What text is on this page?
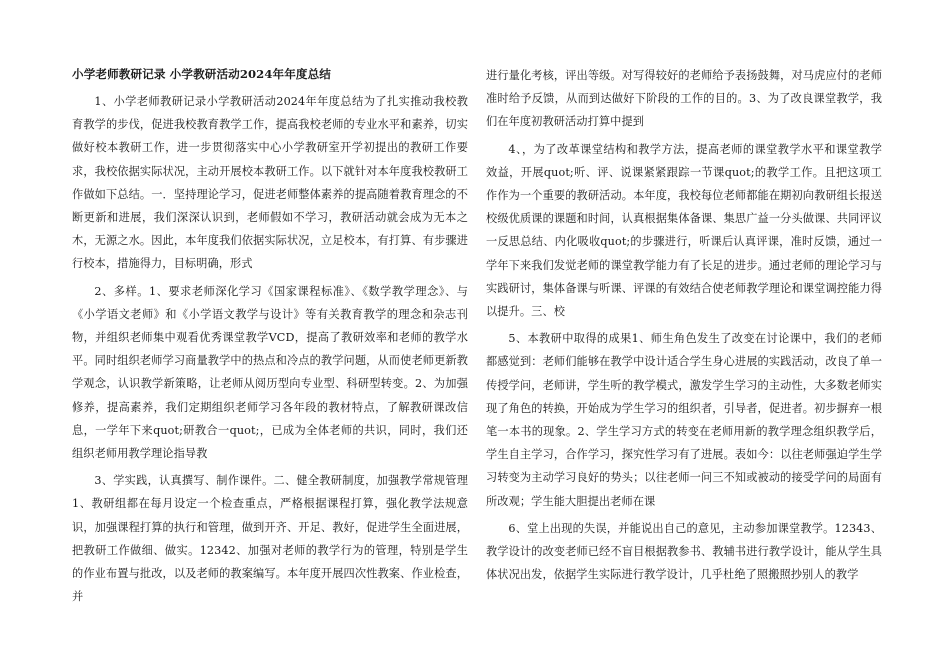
小学老师教研记录 小学教研活动2024年年度总结

1、小学老师教研记录小学教研活动2024年年度总结为了扎实推动我校教育教学的步伐，促进我校教育教学工作，提高我校老师的专业水平和素养，切实做好校本教研工作，进一步贯彻落实中心小学教研室开学初提出的教研工作要求，我校依据实际状况，主动开展校本教研工作。以下就针对本年度我校教研工作做如下总结。一．坚持理论学习，促进老师整体素养的提高随着教育理念的不断更新和进展，我们深深认识到，老师假如不学习，教研活动就会成为无本之木，无源之水。因此，本年度我们依据实际状况，立足校本，有打算、有步骤进行校本，措施得力，目标明确，形式

2、多样。1、要求老师深化学习《国家课程标准》、《数学教学理念》、与《小学语文老师》和《小学语文教学与设计》等有关教育教学的理念和杂志刊物，并组织老师集中观看优秀课堂教学VCD，提高了教研效率和老师的教学水平。同时组织老师学习商量教学中的热点和冷点的教学问题，从而使老师更新教学观念，认识教学新策略，让老师从阅历型向专业型、科研型转变。2、为加强修养，提高素养，我们定期组织老师学习各年段的教材特点，了解教研课改信息，一学年下来quot;研教合一quot;，已成为全体老师的共识，同时，我们还组织老师用教学理论指导教

3、学实践，认真撰写、制作课件。二、健全教研制度，加强教学常规管理1、教研组都在每月设定一个检查重点，严格根据课程打算，强化教学法规意识，加强课程打算的执行和管理，做到开齐、开足、教好，促进学生全面进展，把教研工作做细、做实。12342、加强对老师的教学行为的管理，特别是学生的作业布置与批改，以及老师的教案编写。本年度开展四次性教案、作业检查，并

进行量化考核，评出等级。对写得较好的老师给予表扬鼓舞，对马虎应付的老师准时给予反馈，从而到达做好下阶段的工作的目的。3、为了改良课堂教学，我们在年度初教研活动打算中提到

4、，为了改革课堂结构和教学方法，提高老师的课堂教学水平和课堂教学效益，开展quot;听、评、说课紧紧跟踪一节课quot;的教学工作。且把这项工作作为一个重要的教研活动。本年度，我校每位老师都能在期初向教研组长报送校级优质课的课题和时间，认真根据集体备课、集思广益一分头做课、共同评议一反思总结、内化吸收quot;的步骤进行，听课后认真评课，准时反馈，通过一学年下来我们发觉老师的课堂教学能力有了长足的进步。通过老师的理论学习与实践研讨，集体备课与听课、评课的有效结合使老师教学理论和课堂调控能力得以提升。三、校

5、本教研中取得的成果1、师生角色发生了改变在讨论课中，我们的老师都感觉到：老师们能够在教学中设计适合学生身心进展的实践活动，改良了单一传授学问，老师讲，学生听的教学模式，激发学生学习的主动性，大多数老师实现了角色的转换，开始成为学生学习的组织者，引导者，促进者。初步摒弃一根笔一本书的现象。2、学生学习方式的转变在老师用新的教学理念组织教学后，学生自主学习，合作学习，探究性学习有了进展。表如今：以往老师强迫学生学习转变为主动学习良好的势头；以往老师一问三不知或被动的接受学问的局面有所改观；学生能大胆提出老师在课

6、堂上出现的失误，并能说出自己的意见，主动参加课堂教学。12343、教学设计的改变老师已经不盲目根据教参书、教辅书进行教学设计，能从学生具体状况出发，依据学生实际进行教学设计，几乎杜绝了照搬照抄别人的教学
